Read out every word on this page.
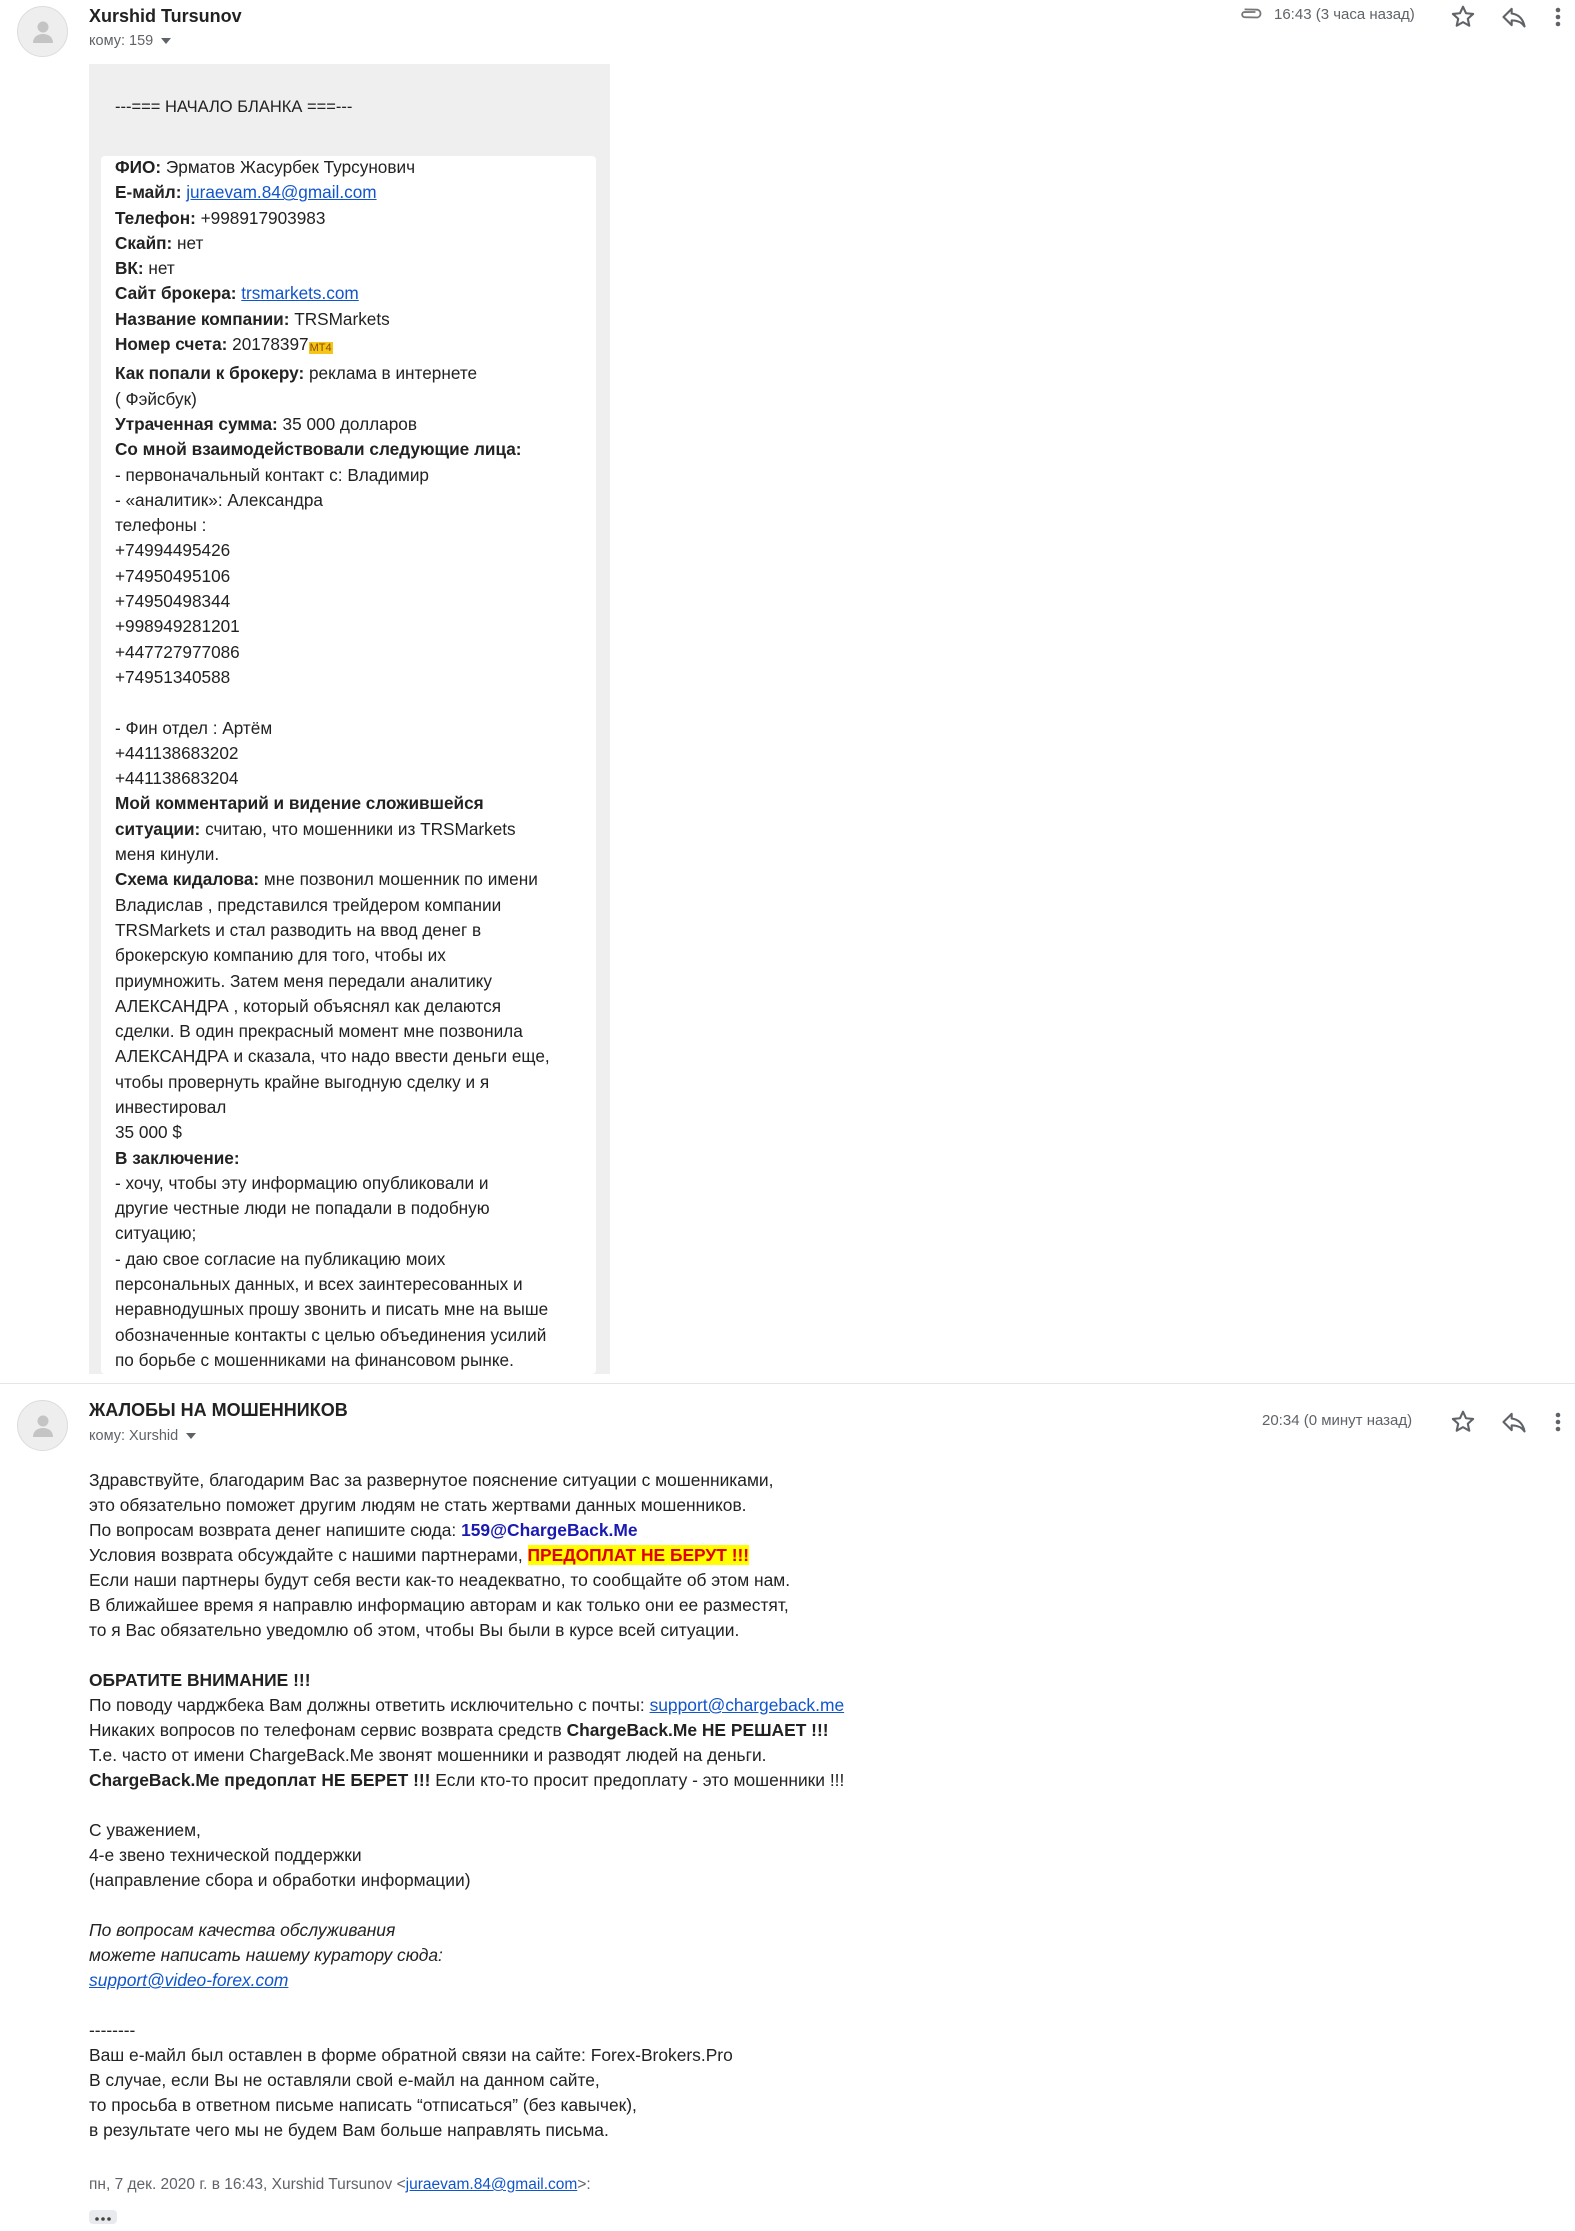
Xurshid Tursunov
кому: 159
16:43 (3 часа назад)
---=== НАЧАЛО БЛАНКА ===---
ФИО: Эрматов Жасурбек Турсунович
E-майл: juraevam.84@gmail.com
Телефон: +998917903983
Скайп: нет
ВК: нет
Сайт брокера: trsmarkets.com
Название компании: TRSMarkets
Номер счета: 20178397MT4
Как попали к брокеру: реклама в интернете
( Фэйсбук)
Утраченная сумма: 35 000 долларов
Со мной взаимодействовали следующие лица:
- первоначальный контакт с: Владимир
- «аналитик»: Александра
телефоны :
+74994495426
+74950495106
+74950498344
+998949281201
+447727977086
+74951340588
- Фин отдел : Артём
+441138683202
+441138683204
Мой комментарий и видение сложившейся
ситуации: считаю, что мошенники из TRSMarkets
меня кинули.
Схема кидалова: мне позвонил мошенник по имени
Владислав , представился трейдером компании
TRSMarkets и стал разводить на ввод денег в
брокерскую компанию для того, чтобы их
приумножить. Затем меня передали аналитику
АЛЕКСАНДРА , который объяснял как делаются
сделки. В один прекрасный момент мне позвонила
АЛЕКСАНДРА и сказала, что надо ввести деньги еще,
чтобы провернуть крайне выгодную сделку и я
инвестировал
35 000 $
В заключение:
- хочу, чтобы эту информацию опубликовали и
другие честные люди не попадали в подобную
ситуацию;
- даю свое согласие на публикацию моих
персональных данных, и всех заинтересованных и
неравнодушных прошу звонить и писать мне на выше
обозначенные контакты с целью объединения усилий
по борьбе с мошенниками на финансовом рынке.
ЖАЛОБЫ НА МОШЕННИКОВ
кому: Xurshid
20:34 (0 минут назад)
Здравствуйте, благодарим Вас за развернутое пояснение ситуации с мошенниками,
это обязательно поможет другим людям не стать жертвами данных мошенников.
По вопросам возврата денег напишите сюда: 159@ChargeBack.Me
Условия возврата обсуждайте с нашими партнерами, ПРЕДОПЛАТ НЕ БЕРУТ !!!
Если наши партнеры будут себя вести как-то неадекватно, то сообщайте об этом нам.
В ближайшее время я направлю информацию авторам и как только они ее разместят,
то я Вас обязательно уведомлю об этом, чтобы Вы были в курсе всей ситуации.
ОБРАТИТЕ ВНИМАНИЕ !!!
По поводу чарджбека Вам должны ответить исключительно с почты: support@chargeback.me
Никаких вопросов по телефонам сервис возврата средств ChargeBack.Me НЕ РЕШАЕТ !!!
Т.е. часто от имени ChargeBack.Me звонят мошенники и разводят людей на деньги.
ChargeBack.Me предоплат НЕ БЕРЕТ !!! Если кто-то просит предоплату - это мошенники !!!
С уважением,
4-е звено технической поддержки
(направление сбора и обработки информации)
По вопросам качества обслуживания
можете написать нашему куратору сюда:
support@video-forex.com
--------
Ваш е-майл был оставлен в форме обратной связи на сайте: Forex-Brokers.Pro
В случае, если Вы не оставляли свой е-майл на данном сайте,
то просьба в ответном письме написать “отписаться” (без кавычек),
в результате чего мы не будем Вам больше направлять письма.
пн, 7 дек. 2020 г. в 16:43, Xurshid Tursunov <juraevam.84@gmail.com>:
